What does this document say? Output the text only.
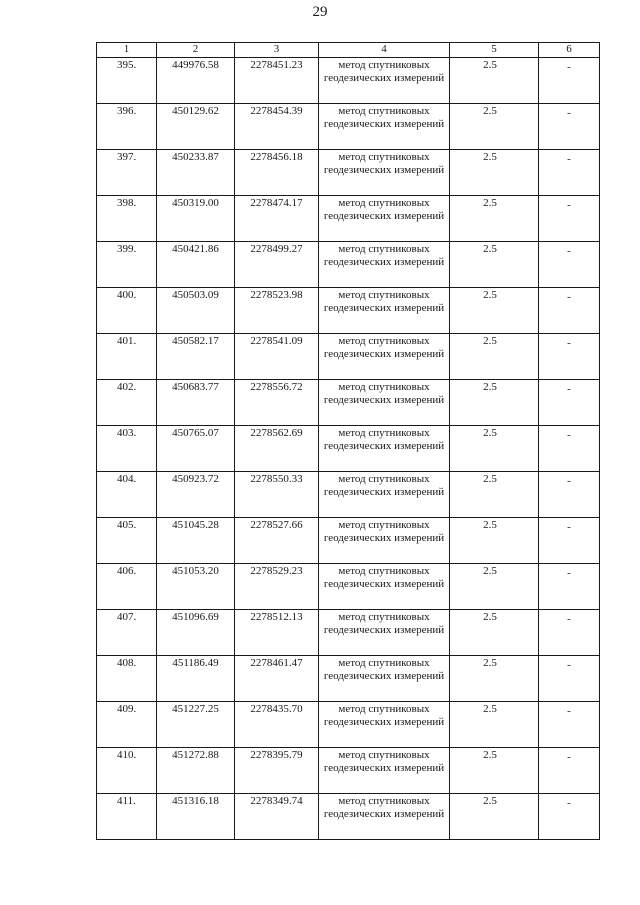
29
1	2	3	4	5	6
395.	449976.58	2278451.23	метод спутниковых геодезических измерений	2.5	-
396.	450129.62	2278454.39	метод спутниковых геодезических измерений	2.5	-
397.	450233.87	2278456.18	метод спутниковых геодезических измерений	2.5	-
398.	450319.00	2278474.17	метод спутниковых геодезических измерений	2.5	-
399.	450421.86	2278499.27	метод спутниковых геодезических измерений	2.5	-
400.	450503.09	2278523.98	метод спутниковых геодезических измерений	2.5	-
401.	450582.17	2278541.09	метод спутниковых геодезических измерений	2.5	-
402.	450683.77	2278556.72	метод спутниковых геодезических измерений	2.5	-
403.	450765.07	2278562.69	метод спутниковых геодезических измерений	2.5	-
404.	450923.72	2278550.33	метод спутниковых геодезических измерений	2.5	-
405.	451045.28	2278527.66	метод спутниковых геодезических измерений	2.5	-
406.	451053.20	2278529.23	метод спутниковых геодезических измерений	2.5	-
407.	451096.69	2278512.13	метод спутниковых геодезических измерений	2.5	-
408.	451186.49	2278461.47	метод спутниковых геодезических измерений	2.5	-
409.	451227.25	2278435.70	метод спутниковых геодезических измерений	2.5	-
410.	451272.88	2278395.79	метод спутниковых геодезических измерений	2.5	-
411.	451316.18	2278349.74	метод спутниковых геодезических измерений	2.5	-
